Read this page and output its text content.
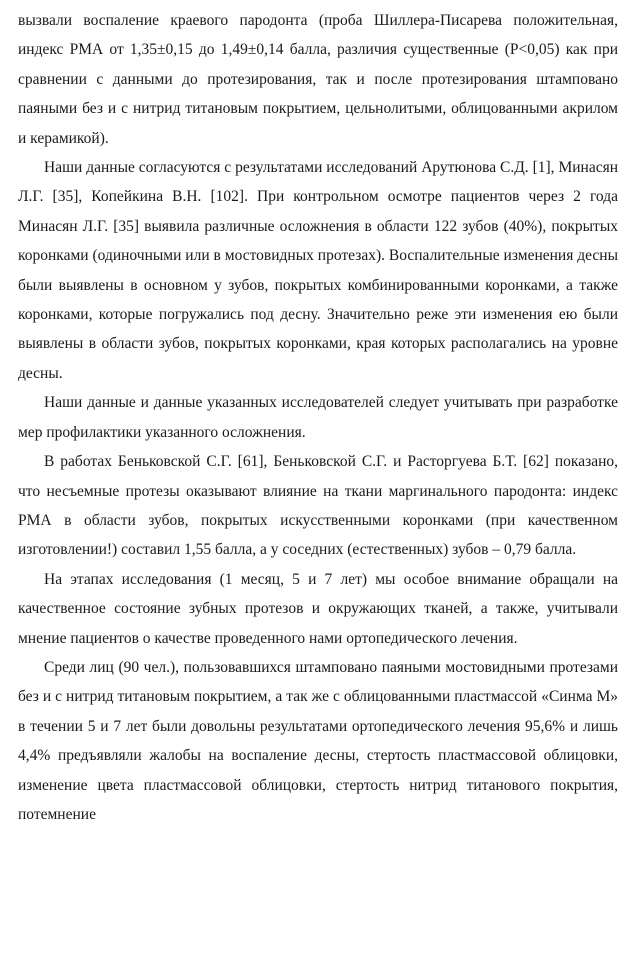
вызвали воспаление краевого пародонта (проба Шиллера-Писарева положительная, индекс РМА от 1,35±0,15 до 1,49±0,14 балла, различия существенные (Р<0,05) как при сравнении с данными до протезирования, так и после протезирования штамповано паяными без и с нитрид титановым покрытием, цельнолитыми, облицованными акрилом и керамикой).

Наши данные согласуются с результатами исследований Арутюнова С.Д. [1], Минасян Л.Г. [35], Копейкина В.Н. [102]. При контрольном осмотре пациентов через 2 года Минасян Л.Г. [35] выявила различные осложнения в области 122 зубов (40%), покрытых коронками (одиночными или в мостовидных протезах). Воспалительные изменения десны были выявлены в основном у зубов, покрытых комбинированными коронками, а также коронками, которые погружались под десну. Значительно реже эти изменения ею были выявлены в области зубов, покрытых коронками, края которых располагались на уровне десны.

Наши данные и данные указанных исследователей следует учитывать при разработке мер профилактики указанного осложнения.

В работах Беньковской С.Г. [61], Беньковской С.Г. и Расторгуева Б.Т. [62] показано, что несъемные протезы оказывают влияние на ткани маргинального пародонта: индекс РМА в области зубов, покрытых искусственными коронками (при качественном изготовлении!) составил 1,55 балла, а у соседних (естественных) зубов – 0,79 балла.

На этапах исследования (1 месяц, 5 и 7 лет) мы особое внимание обращали на качественное состояние зубных протезов и окружающих тканей, а также, учитывали мнение пациентов о качестве проведенного нами ортопедического лечения.

Среди лиц (90 чел.), пользовавшихся штамповано паяными мостовидными протезами без и с нитрид титановым покрытием, а так же с облицованными пластмассой «Синма М» в течении 5 и 7 лет были довольны результатами ортопедического лечения 95,6% и лишь 4,4% предъявляли жалобы на воспаление десны, стертость пластмассовой облицовки, изменение цвета пластмассовой облицовки, стертость нитрид титанового покрытия, потемнение
